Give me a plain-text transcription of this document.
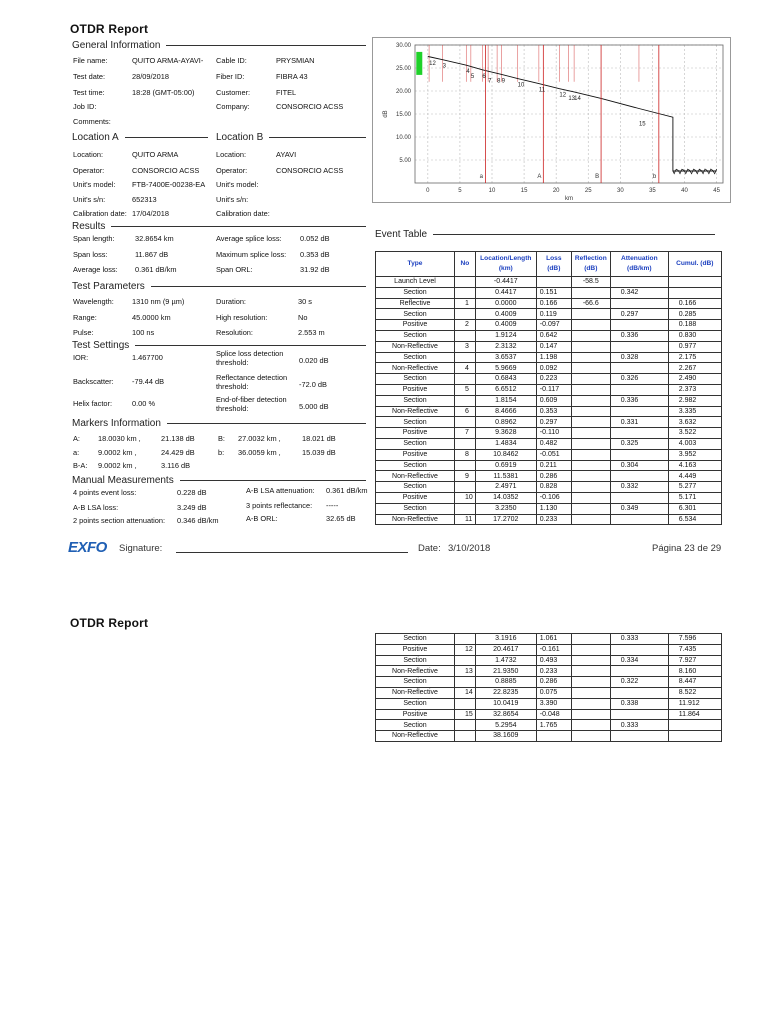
OTDR Report
General Information
Location A	Location B
Results
Test Parameters
Test Settings
Markers Information
Manual Measurements
5.00
10.00
15.00
20.00
25.00
30.00
0	5	10	15	20	25	30	35	40	45
dB
km
A	B
a	b
12 3
4
5 6
7 8 9
10
11
12
13 14
15
Event Table
Type	No	Location/Length (km)	Loss (dB)	Reflection (dB)	Attenuation (dB/km)	Cumul. (dB)
Launch Level		-0.4417		-58.5		
Section		0.4417	0.151		0.342	
Reflective	1	0.0000	0.166	-66.6		0.166
Section		0.4009	0.119		0.297	0.285
Positive	2	0.4009	-0.097			0.188
Section		1.9124	0.642		0.336	0.830
Non-Reflective	3	2.3132	0.147			0.977
Section		3.6537	1.198		0.328	2.175
Non-Reflective	4	5.9669	0.092			2.267
Section		0.6843	0.223		0.326	2.490
Positive	5	6.6512	-0.117			2.373
Section		1.8154	0.609		0.336	2.982
Non-Reflective	6	8.4666	0.353			3.335
Section		0.8962	0.297		0.331	3.632
Positive	7	9.3628	-0.110			3.522
Section		1.4834	0.482		0.325	4.003
Positive	8	10.8462	-0.051			3.952
Section		0.6919	0.211		0.304	4.163
Non-Reflective	9	11.5381	0.286			4.449
Section		2.4971	0.828		0.332	5.277
Positive	10	14.0352	-0.106			5.171
Section		3.2350	1.130		0.349	6.301
Non-Reflective	11	17.2702	0.233			6.534
EXFO Signature:	Date: 3/10/2018	Página 23 de 29
OTDR Report
Section		3.1916	1.061		0.333	7.596
Positive	12	20.4617	-0.161			7.435
Section		1.4732	0.493		0.334	7.927
Non-Reflective	13	21.9350	0.233			8.160
Section		0.8885	0.286		0.322	8.447
Non-Reflective	14	22.8235	0.075			8.522
Section		10.0419	3.390		0.338	11.912
Positive	15	32.8654	-0.048			11.864
Section		5.2954	1.765		0.333	
Non-Reflective		38.1609				
File name:	QUITO ARMA-AYAVI- Cable ID:	PRYSMIAN
Test date:	28/09/2018	Fiber ID:	FIBRA 43
Test time:	18:28 (GMT-05:00)	Customer:	FITEL
Job ID:	Company:	CONSORCIO ACSS
Comments:
Location:	QUITO ARMA	Location:	AYAVI
Operator:	CONSORCIO ACSS Operator:	CONSORCIO ACSS
Unit's model: FTB-7400E-00238-EA Unit's model:
Unit's s/n:	652313	Unit's s/n:
Calibration date: 17/04/2018	Calibration date:
Span length:	32.8654 km	Average splice loss: 0.052 dB
Span loss:	11.867 dB	Maximum splice loss: 0.353 dB
Average loss: 0.361 dB/km	Span ORL:	31.92 dB
Wavelength: 1310 nm (9 µm)	Duration:	30 s
Range:	45.0000 km	High resolution:	No
Pulse:	100 ns	Resolution:	2.553 m
IOR:	1.467700	Splice loss detection threshold:	0.020 dB
Backscatter: -79.44 dB	Reflectance detection threshold:	-72.0 dB
Helix factor:	0.00 %	End-of-fiber detection threshold:	5.000 dB
A: 18.0030 km ,	21.138 dB	B: 27.0032 km ,	18.021 dB
a:	9.0002 km ,	24.429 dB	b: 36.0059 km ,	15.039 dB
B-A: 9.0002 km ,	3.116 dB
4 points event loss:	0.228 dB	A-B LSA attenuation: 0.361 dB/km
A-B LSA loss:	3.249 dB	3 points reflectance: -----
2 points section attenuation: 0.346 dB/km	A-B ORL:	32.65 dB
